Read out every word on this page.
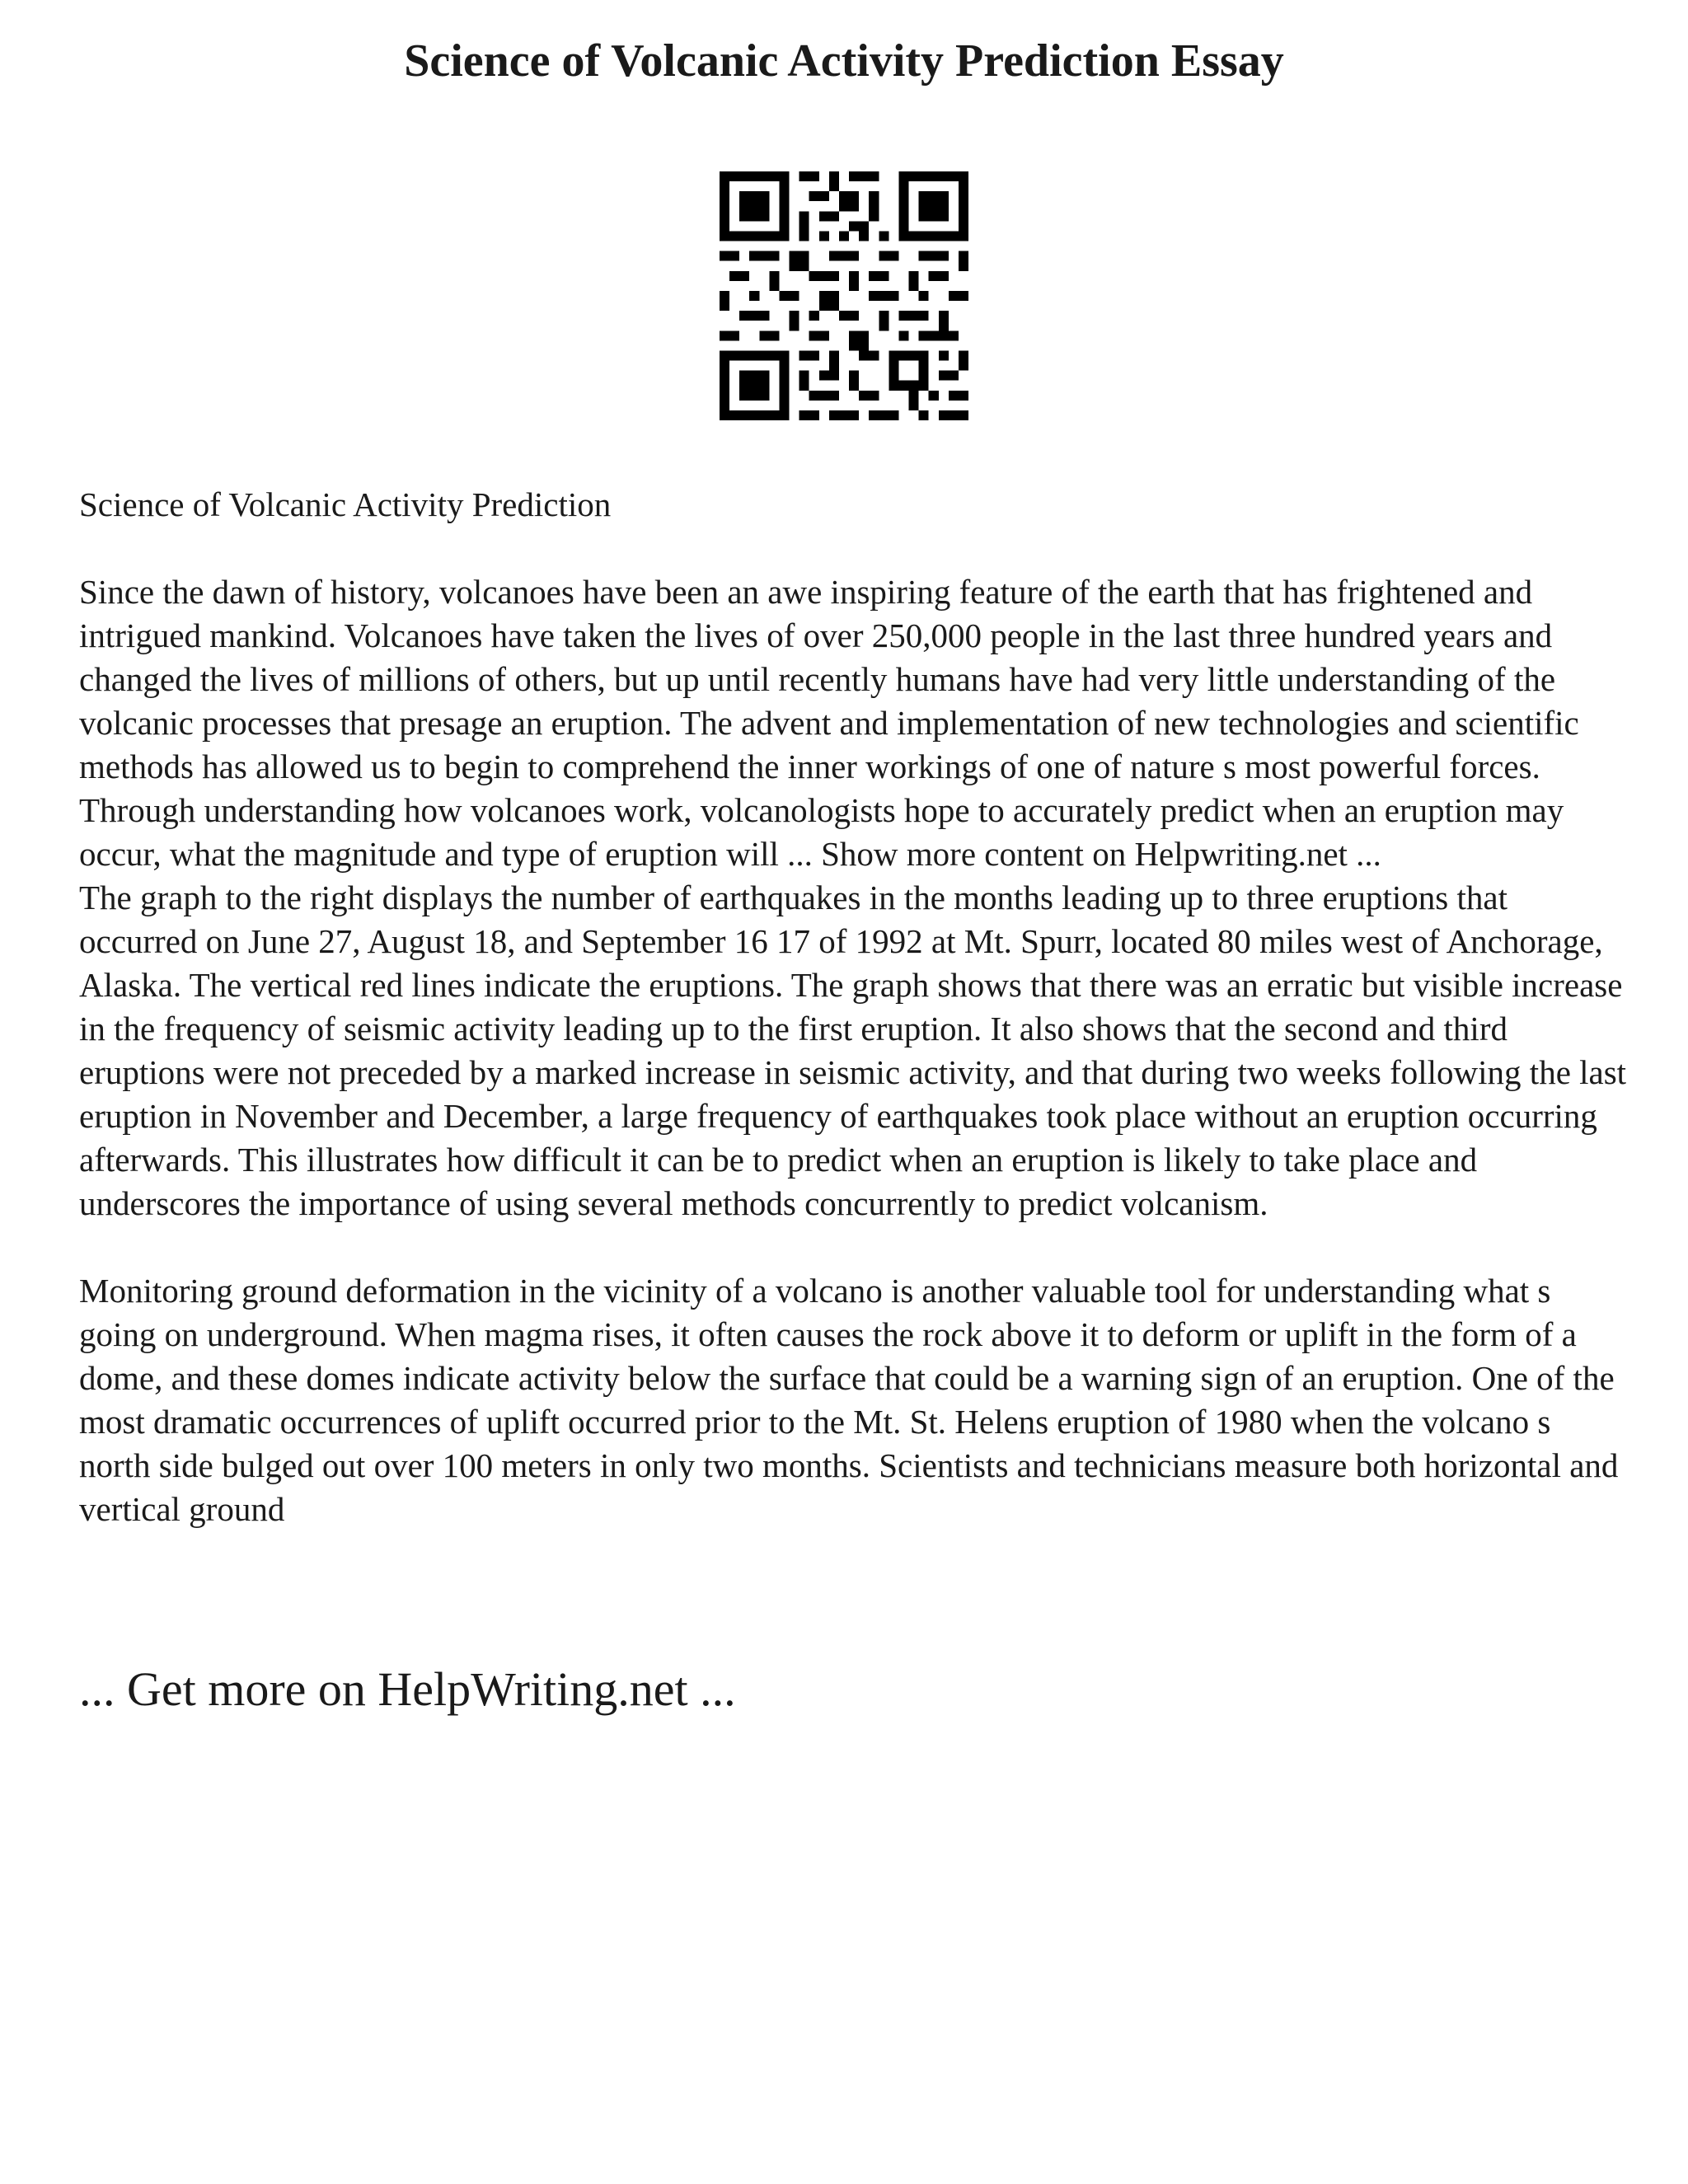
Science of Volcanic Activity Prediction Essay

Science of Volcanic Activity Prediction

Since the dawn of history, volcanoes have been an awe inspiring feature of the earth that has frightened and intrigued mankind. Volcanoes have taken the lives of over 250,000 people in the last three hundred years and changed the lives of millions of others, but up until recently humans have had very little understanding of the volcanic processes that presage an eruption. The advent and implementation of new technologies and scientific methods has allowed us to begin to comprehend the inner workings of one of nature s most powerful forces. Through understanding how volcanoes work, volcanologists hope to accurately predict when an eruption may occur, what the magnitude and type of eruption will ... Show more content on Helpwriting.net ...

The graph to the right displays the number of earthquakes in the months leading up to three eruptions that occurred on June 27, August 18, and September 16 17 of 1992 at Mt. Spurr, located 80 miles west of Anchorage, Alaska. The vertical red lines indicate the eruptions. The graph shows that there was an erratic but visible increase in the frequency of seismic activity leading up to the first eruption. It also shows that the second and third eruptions were not preceded by a marked increase in seismic activity, and that during two weeks following the last eruption in November and December, a large frequency of earthquakes took place without an eruption occurring afterwards. This illustrates how difficult it can be to predict when an eruption is likely to take place and underscores the importance of using several methods concurrently to predict volcanism.

Monitoring ground deformation in the vicinity of a volcano is another valuable tool for understanding what s going on underground. When magma rises, it often causes the rock above it to deform or uplift in the form of a dome, and these domes indicate activity below the surface that could be a warning sign of an eruption. One of the most dramatic occurrences of uplift occurred prior to the Mt. St. Helens eruption of 1980 when the volcano s north side bulged out over 100 meters in only two months. Scientists and technicians measure both horizontal and vertical ground

... Get more on HelpWriting.net ...
